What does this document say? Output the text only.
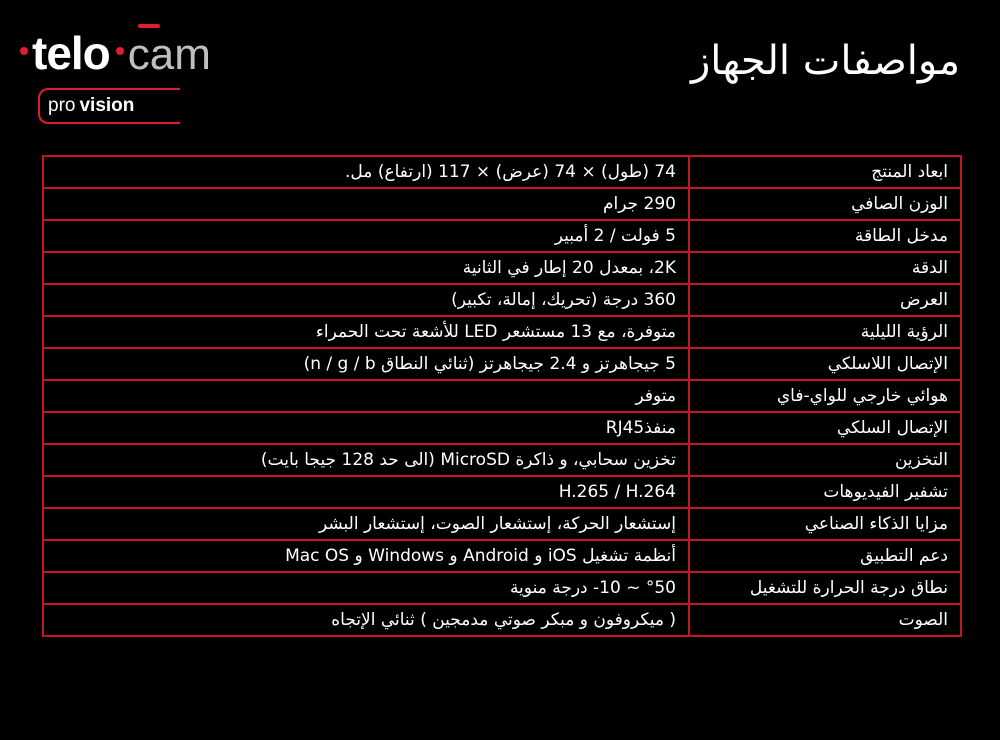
telo cam
pro vision
مواصفات الجهاز
ابعاد المنتج	74 (طول) × 74 (عرض) × 117 (ارتفاع) مل.
الوزن الصافي	290 جرام
مدخل الطاقة	5 فولت / 2 أمبير
الدقة	2K، بمعدل 20 إطار في الثانية
العرض	360 درجة (تحريك، إمالة، تكبير)
الرؤية الليلية	متوفرة، مع 13 مستشعر LED للأشعة تحت الحمراء
الإتصال اللاسلكي	5 جيجاهرتز و 2.4 جيجاهرتز (ثنائي النطاق n / g / b)
هوائي خارجي للواي-فاي	متوفر
الإتصال السلكي	منفذRJ45
التخزين	تخزين سحابي، و ذاكرة MicroSD (الى حد 128 جيجا بايت)
تشفير الفيديوهات	H.265 / H.264
مزايا الذكاء الصناعي	إستشعار الحركة، إستشعار الصوت، إستشعار البشر
دعم التطبيق	أنظمة تشغيل iOS و Android و Windows و Mac OS
نطاق درجة الحرارة للتشغيل	°50 ~ 10- درجة منوية
الصوت	( ميكروفون و مبكر صوتي مدمجين ) ثنائي الإتجاه
